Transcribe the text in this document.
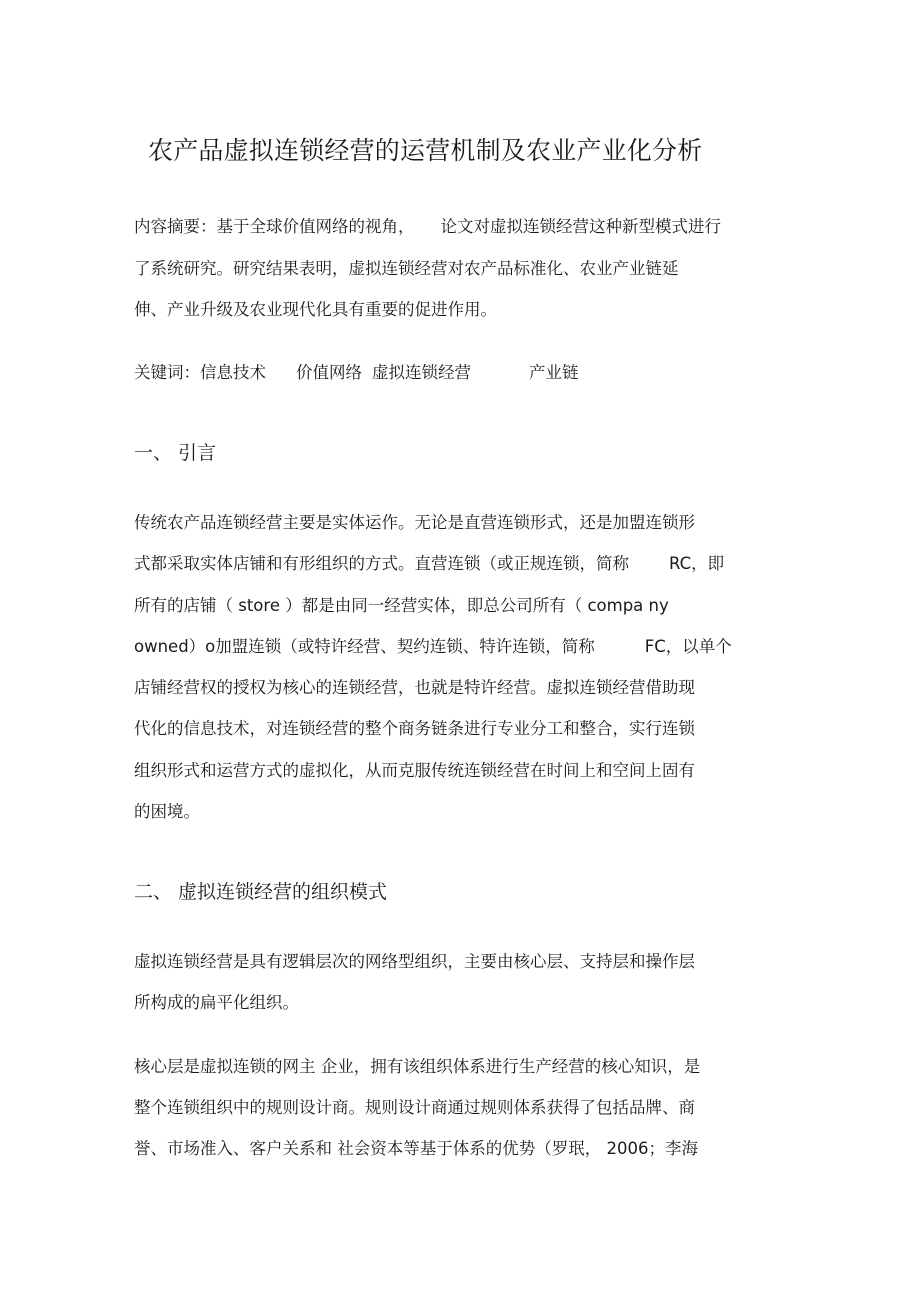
农产品虚拟连锁经营的运营机制及农业产业化分析
内容摘要：基于全球价值网络的视角， 论文对虚拟连锁经营这种新型模式进行
了系统研究。研究结果表明，虚拟连锁经营对农产品标准化、农业产业链延
伸、产业升级及农业现代化具有重要的促进作用。
关键词：信息技术 价值网络 虚拟连锁经营	产业链
一、 引言
传统农产品连锁经营主要是实体运作。无论是直营连锁形式，还是加盟连锁形
式都采取实体店铺和有形组织的方式。直营连锁（或正规连锁，简称 RC，即
所有的店铺（ store ）都是由同一经营实体，即总公司所有（ compa ny
owned）o加盟连锁（或特许经营、契约连锁、特许连锁，简称	FC，以单个
店铺经营权的授权为核心的连锁经营，也就是特许经营。虚拟连锁经营借助现
代化的信息技术，对连锁经营的整个商务链条进行专业分工和整合，实行连锁
组织形式和运营方式的虚拟化，从而克服传统连锁经营在时间上和空间上固有
的困境。
二、 虚拟连锁经营的组织模式
虚拟连锁经营是具有逻辑层次的网络型组织，主要由核心层、支持层和操作层
所构成的扁平化组织。
核心层是虚拟连锁的网主 企业，拥有该组织体系进行生产经营的核心知识，是
整个连锁组织中的规则设计商。规则设计商通过规则体系获得了包括品牌、商
誉、市场准入、客户关系和 社会资本等基于体系的优势（罗珉， 2006；李海
